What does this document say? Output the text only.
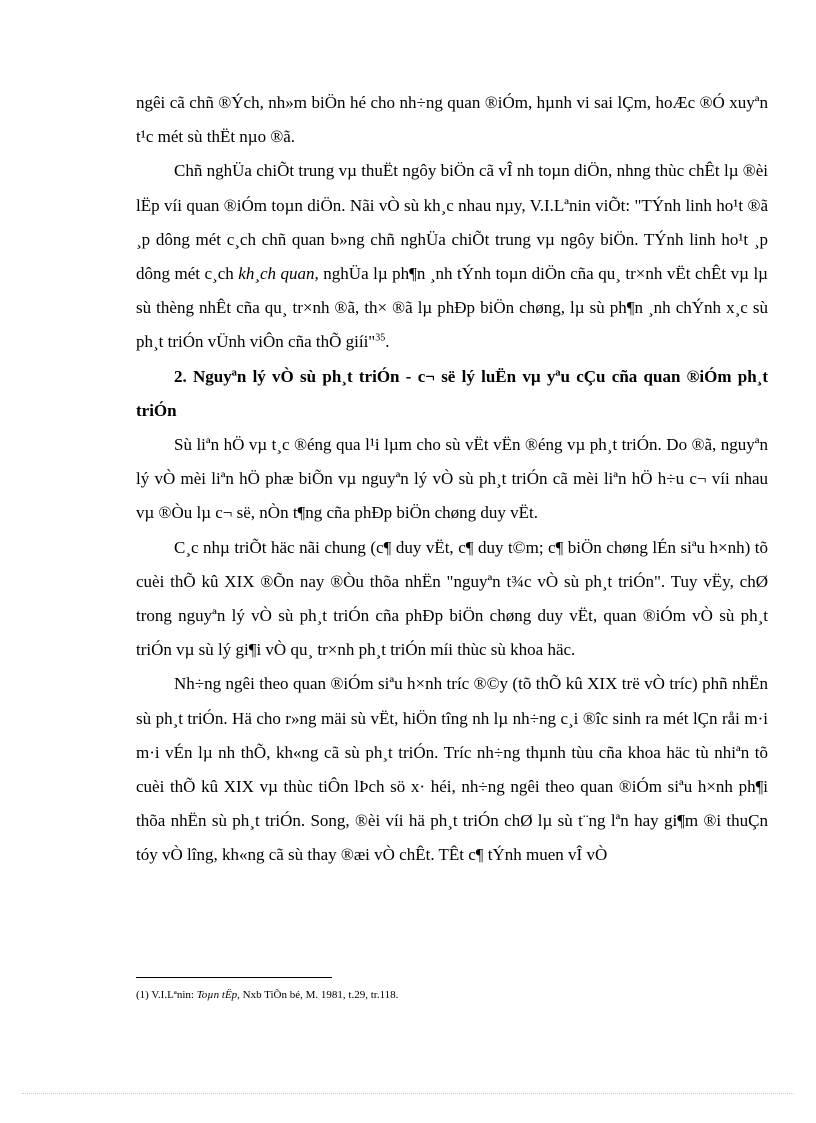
ngêi cã chñ ®Ých, nh»m biÖn hé cho nh÷ng quan ®iÓm, hµnh vi sai lÇm, hoÆc ®Ó xuyªn t¹c mét sù thËt nµo ®ã.

Chñ nghÜa chiÕt trung vµ thuËt ngôy biÖn cã vÎ nh toµn diÖn, nhng thùc chÊt lµ ®èi lËp víi quan ®iÓm toµn diÖn. Nãi vÒ sù kh¸c nhau nµy, V.I.Lªnin viÕt: "TÝnh linh ho¹t ®ã ¸p dông mét c¸ch chñ quan b»ng chñ nghÜa chiÕt trung vµ ngôy biÖn. TÝnh linh ho¹t ¸p dông mét c¸ch kh¸ch quan, nghÜa lµ ph¶n ¸nh tÝnh toµn diÖn cña qu¸ tr×nh vËt chÊt vµ lµ sù thèng nhÊt cña qu¸ tr×nh ®ã, th× ®ã lµ phÐp biÖn chøng, lµ sù ph¶n ¸nh chÝnh x¸c sù ph¸t triÓn vÜnh viÔn cña thÕ giíi"$^{35}$.

2. Nguyªn lý vÒ sù ph¸t triÓn - c¬ së lý luËn vµ yªu cÇu cña quan ®iÓm ph¸t triÓn

Sù liªn hÖ vµ t¸c ®éng qua l¹i lµm cho sù vËt vËn ®éng vµ ph¸t triÓn. Do ®ã, nguyªn lý vÒ mèi liªn hÖ phæ biÕn vµ nguyªn lý vÒ sù ph¸t triÓn cã mèi liªn hÖ h÷u c¬ víi nhau vµ ®Òu lµ c¬ së, nÒn t¶ng cña phÐp biÖn chøng duy vËt.

C¸c nhµ triÕt häc nãi chung (c¶ duy vËt, c¶ duy t©m; c¶ biÖn chøng lÉn siªu h×nh) tõ cuèi thÕ kû XIX ®Õn nay ®Òu thõa nhËn "nguyªn t¾c vÒ sù ph¸t triÓn". Tuy vËy, chØ trong nguyªn lý vÒ sù ph¸t triÓn cña phÐp biÖn chøng duy vËt, quan ®iÓm vÒ sù ph¸t triÓn vµ sù lý gi¶i vÒ qu¸ tr×nh ph¸t triÓn míi thùc sù khoa häc.

Nh÷ng ngêi theo quan ®iÓm siªu h×nh tríc ®©y (tõ thÕ kû XIX trë vÒ tríc) phñ nhËn sù ph¸t triÓn. Hä cho r»ng mäi sù vËt, hiÖn tîng nh lµ nh÷ng c¸i ®îc sinh ra mét lÇn råi m·i m·i vÉn lµ nh thÕ, kh«ng cã sù ph¸t triÓn. Tríc nh÷ng thµnh tùu cña khoa häc tù nhiªn tõ cuèi thÕ kû XIX vµ thùc tiÔn lÞch sö x· héi, nh÷ng ngêi theo quan ®iÓm siªu h×nh ph¶i thõa nhËn sù ph¸t triÓn. Song, ®èi víi hä ph¸t triÓn chØ lµ sù t¨ng lªn hay gi¶m ®i thuÇn tóy vÒ lîng, kh«ng cã sù thay ®æi vÒ chÊt. TÊt c¶ tÝnh muen vÎ vÒ

(1) V.I.Lªnin: Toµn tËp, Nxb TiÕn bé, M. 1981, t.29, tr.118.
